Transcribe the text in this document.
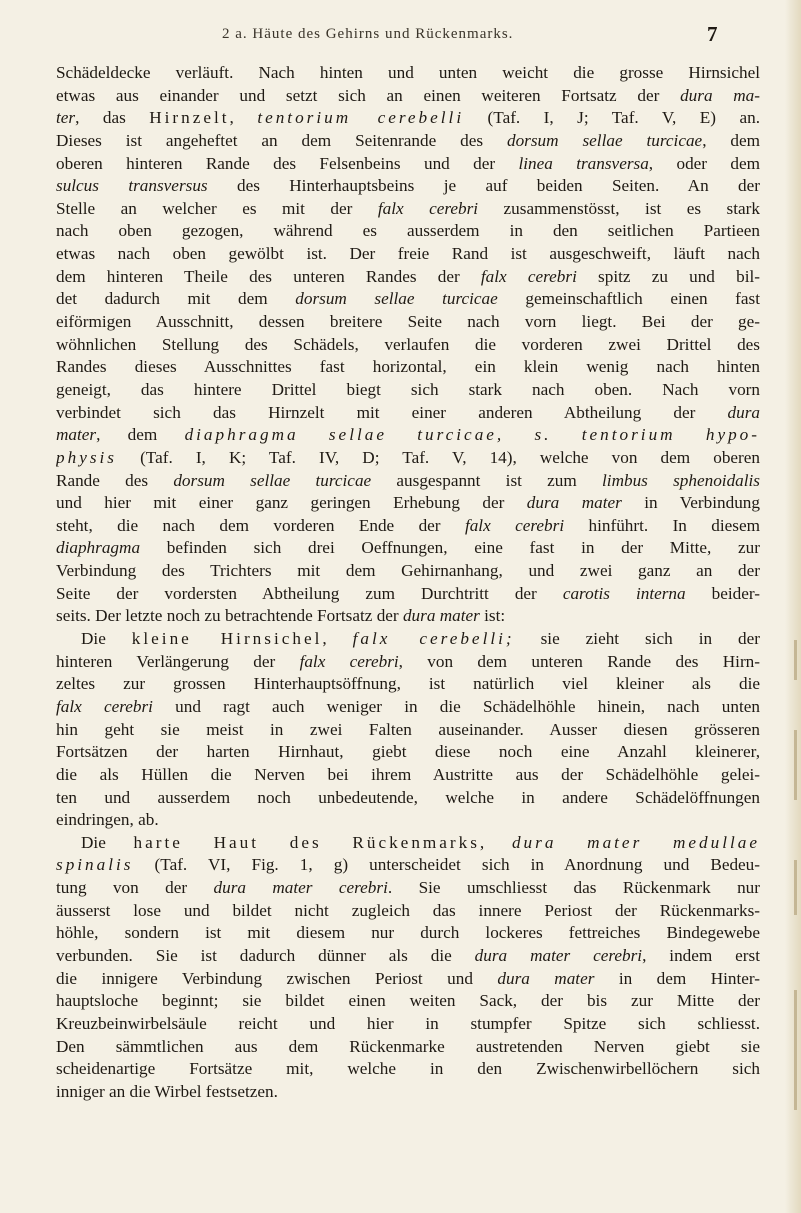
2 a. Häute des Gehirns und Rückenmarks.	7
Schädeldecke verläuft. Nach hinten und unten weicht die grosse Hirnsichel
etwas aus einander und setzt sich an einen weiteren Fortsatz der dura ma-
ter, das Hirnzelt, tentorium cerebelli (Taf. I, J; Taf. V, E) an.
Dieses ist angeheftet an dem Seitenrande des dorsum sellae turcicae, dem
oberen hinteren Rande des Felsenbeins und der linea transversa, oder dem
sulcus transversus des Hinterhauptsbeins je auf beiden Seiten. An der
Stelle an welcher es mit der falx cerebri zusammenstösst, ist es stark
nach oben gezogen, während es ausserdem in den seitlichen Partieen
etwas nach oben gewölbt ist. Der freie Rand ist ausgeschweift, läuft nach
dem hinteren Theile des unteren Randes der falx cerebri spitz zu und bil-
det dadurch mit dem dorsum sellae turcicae gemeinschaftlich einen fast
eiförmigen Ausschnitt, dessen breitere Seite nach vorn liegt. Bei der ge-
wöhnlichen Stellung des Schädels, verlaufen die vorderen zwei Drittel des
Randes dieses Ausschnittes fast horizontal, ein klein wenig nach hinten
geneigt, das hintere Drittel biegt sich stark nach oben. Nach vorn
verbindet sich das Hirnzelt mit einer anderen Abtheilung der dura
mater, dem diaphragma sellae turcicae, s. tentorium hypo-
physis (Taf. I, K; Taf. IV, D; Taf. V, 14), welche von dem oberen
Rande des dorsum sellae turcicae ausgespannt ist zum limbus sphenoidalis
und hier mit einer ganz geringen Erhebung der dura mater in Verbindung
steht, die nach dem vorderen Ende der falx cerebri hinführt. In diesem
diaphragma befinden sich drei Oeffnungen, eine fast in der Mitte, zur
Verbindung des Trichters mit dem Gehirnanhang, und zwei ganz an der
Seite der vordersten Abtheilung zum Durchtritt der carotis interna beider-
seits. Der letzte noch zu betrachtende Fortsatz der dura mater ist:
Die kleine Hirnsichel, falx cerebelli; sie zieht sich in der
hinteren Verlängerung der falx cerebri, von dem unteren Rande des Hirn-
zeltes zur grossen Hinterhauptsöffnung, ist natürlich viel kleiner als die
falx cerebri und ragt auch weniger in die Schädelhöhle hinein, nach unten
hin geht sie meist in zwei Falten auseinander. Ausser diesen grösseren
Fortsätzen der harten Hirnhaut, giebt diese noch eine Anzahl kleinerer,
die als Hüllen die Nerven bei ihrem Austritte aus der Schädelhöhle gelei-
ten und ausserdem noch unbedeutende, welche in andere Schädelöffnungen
eindringen, ab.
Die harte Haut des Rückenmarks, dura mater medullae
spinalis (Taf. VI, Fig. 1, g) unterscheidet sich in Anordnung und Bedeu-
tung von der dura mater cerebri. Sie umschliesst das Rückenmark nur
äusserst lose und bildet nicht zugleich das innere Periost der Rückenmarks-
höhle, sondern ist mit diesem nur durch lockeres fettreiches Bindegewebe
verbunden. Sie ist dadurch dünner als die dura mater cerebri, indem erst
die innigere Verbindung zwischen Periost und dura mater in dem Hinter-
hauptsloche beginnt; sie bildet einen weiten Sack, der bis zur Mitte der
Kreuzbeinwirbelsäule reicht und hier in stumpfer Spitze sich schliesst.
Den sämmtlichen aus dem Rückenmarke austretenden Nerven giebt sie
scheidenartige Fortsätze mit, welche in den Zwischenwirbellöchern sich
inniger an die Wirbel festsetzen.
